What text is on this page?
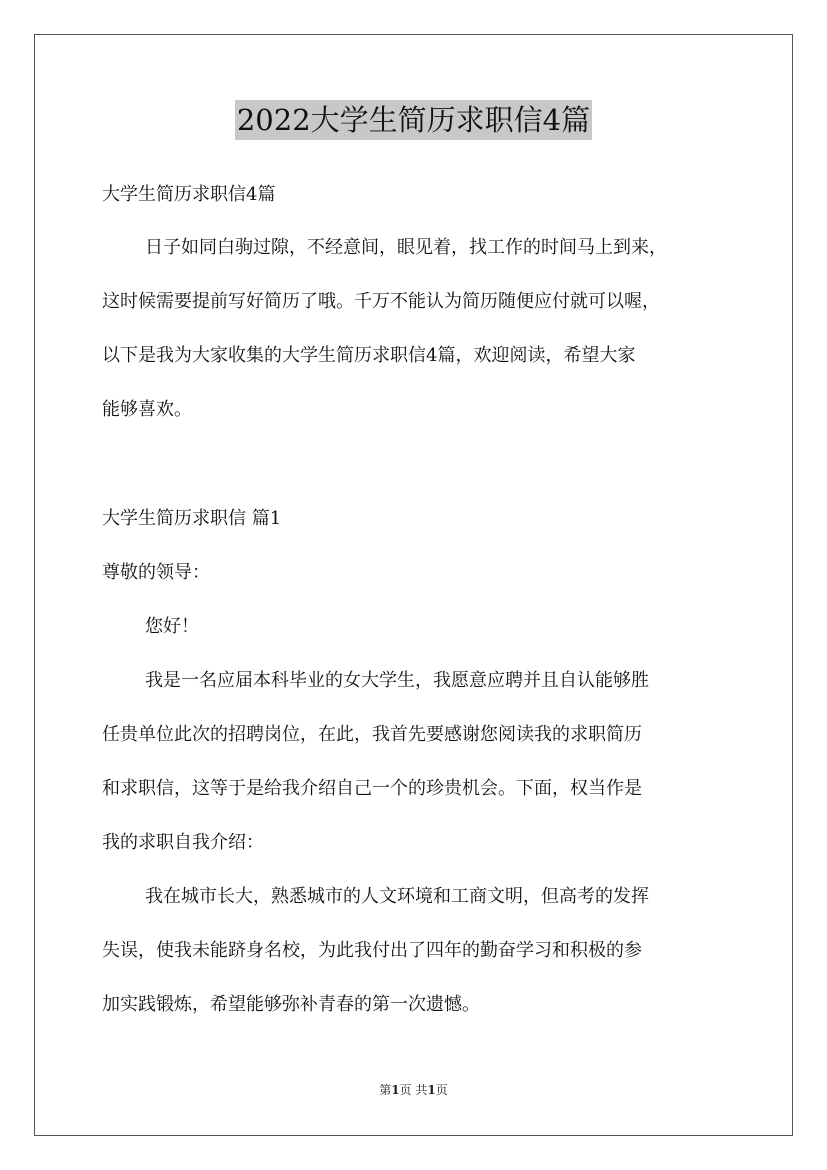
2022大学生简历求职信4篇
大学生简历求职信4篇
日子如同白驹过隙，不经意间，眼见着，找工作的时间马上到来，
这时候需要提前写好简历了哦。千万不能认为简历随便应付就可以喔，
以下是我为大家收集的大学生简历求职信4篇，欢迎阅读，希望大家
能够喜欢。
大学生简历求职信 篇1
尊敬的领导：
您好！
我是一名应届本科毕业的女大学生，我愿意应聘并且自认能够胜
任贵单位此次的招聘岗位，在此，我首先要感谢您阅读我的求职简历
和求职信，这等于是给我介绍自己一个的珍贵机会。下面，权当作是
我的求职自我介绍：
我在城市长大，熟悉城市的人文环境和工商文明，但高考的发挥
失误，使我未能跻身名校，为此我付出了四年的勤奋学习和积极的参
加实践锻炼，希望能够弥补青春的第一次遗憾。
第1页 共1页
